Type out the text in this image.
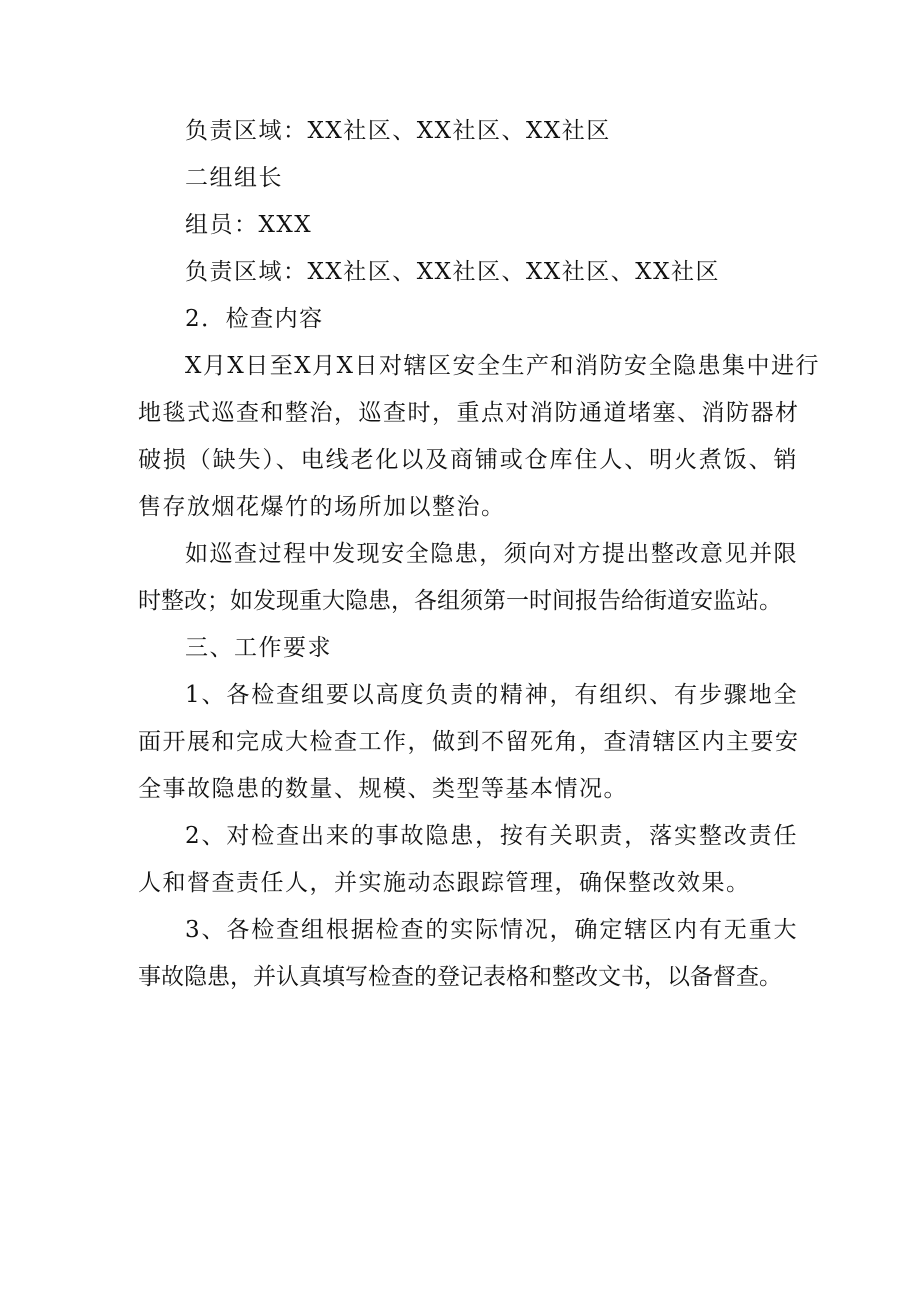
负责区域：XX社区、XX社区、XX社区
二组组长
组员：XXX
负责区域：XX社区、XX社区、XX社区、XX社区
2．检查内容
X月X日至X月X日对辖区安全生产和消防安全隐患集中进行
地毯式巡查和整治，巡查时，重点对消防通道堵塞、消防器材
破损（缺失）、电线老化以及商铺或仓库住人、明火煮饭、销
售存放烟花爆竹的场所加以整治。
如巡查过程中发现安全隐患，须向对方提出整改意见并限
时整改；如发现重大隐患，各组须第一时间报告给街道安监站。
三、工作要求
1、各检查组要以高度负责的精神，有组织、有步骤地全
面开展和完成大检查工作，做到不留死角，查清辖区内主要安
全事故隐患的数量、规模、类型等基本情况。
2、对检查出来的事故隐患，按有关职责，落实整改责任
人和督查责任人，并实施动态跟踪管理，确保整改效果。
3、各检查组根据检查的实际情况，确定辖区内有无重大
事故隐患，并认真填写检查的登记表格和整改文书，以备督查。
